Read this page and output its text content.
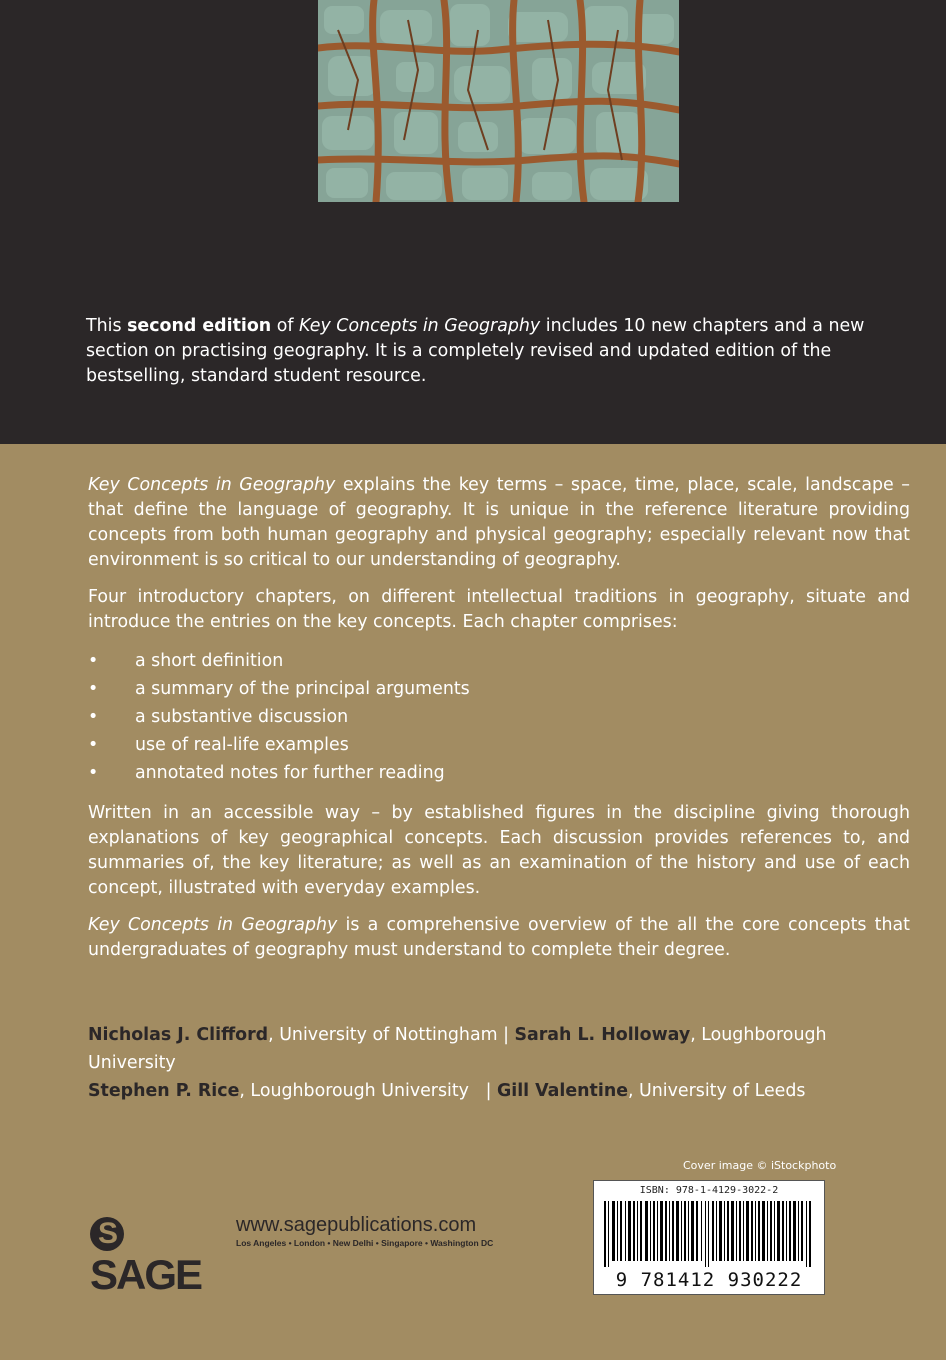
This second edition of Key Concepts in Geography includes 10 new chapters and a new section on practising geography. It is a completely revised and updated edition of the bestselling, standard student resource.

Key Concepts in Geography explains the key terms – space, time, place, scale, landscape – that define the language of geography. It is unique in the reference literature providing concepts from both human geography and physical geography; especially relevant now that environment is so critical to our understanding of geography.

Four introductory chapters, on different intellectual traditions in geography, situate and introduce the entries on the key concepts. Each chapter comprises:

• a short definition
• a summary of the principal arguments
• a substantive discussion
• use of real-life examples
• annotated notes for further reading

Written in an accessible way – by established figures in the discipline giving thorough explanations of key geographical concepts. Each discussion provides references to, and summaries of, the key literature; as well as an examination of the history and use of each concept, illustrated with everyday examples.

Key Concepts in Geography is a comprehensive overview of the all the core concepts that undergraduates of geography must understand to complete their degree.

Nicholas J. Clifford, University of Nottingham | Sarah L. Holloway, Loughborough University
Stephen P. Rice, Loughborough University | Gill Valentine, University of Leeds
Cover image © iStockphoto
ISBN: 978-1-4129-3022-2
9 781412 930222
SSAGE
www.sagepublications.com
Los Angeles • London • New Delhi • Singapore • Washington DC
